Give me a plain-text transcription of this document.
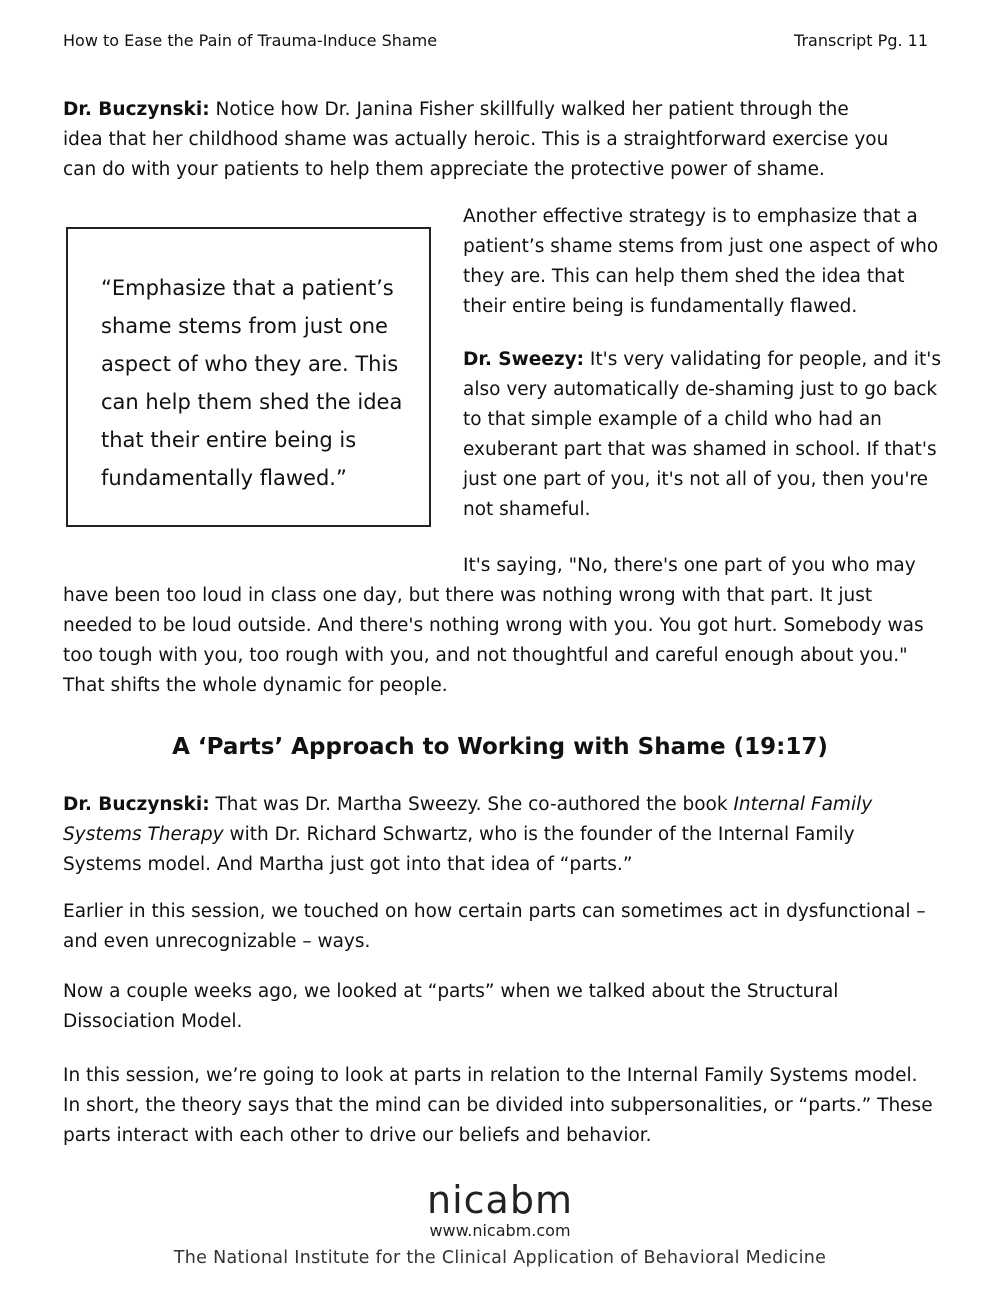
How to Ease the Pain of Trauma-Induce Shame	Transcript Pg. 11

Dr. Buczynski: Notice how Dr. Janina Fisher skillfully walked her patient through the idea that her childhood shame was actually heroic. This is a straightforward exercise you can do with your patients to help them appreciate the protective power of shame.

“Emphasize that a patient’s shame stems from just one aspect of who they are. This can help them shed the idea that their entire being is fundamentally flawed.”

Another effective strategy is to emphasize that a patient’s shame stems from just one aspect of who they are. This can help them shed the idea that their entire being is fundamentally flawed.

Dr. Sweezy: It's very validating for people, and it's also very automatically de-shaming just to go back to that simple example of a child who had an exuberant part that was shamed in school. If that's just one part of you, it's not all of you, then you're not shameful.

It's saying, "No, there's one part of you who may

have been too loud in class one day, but there was nothing wrong with that part. It just needed to be loud outside. And there's nothing wrong with you. You got hurt. Somebody was too tough with you, too rough with you, and not thoughtful and careful enough about you." That shifts the whole dynamic for people.

A ‘Parts’ Approach to Working with Shame (19:17)

Dr. Buczynski: That was Dr. Martha Sweezy. She co-authored the book Internal Family Systems Therapy with Dr. Richard Schwartz, who is the founder of the Internal Family Systems model. And Martha just got into that idea of “parts.”

Earlier in this session, we touched on how certain parts can sometimes act in dysfunctional – and even unrecognizable – ways.

Now a couple weeks ago, we looked at “parts” when we talked about the Structural Dissociation Model.

In this session, we’re going to look at parts in relation to the Internal Family Systems model. In short, the theory says that the mind can be divided into subpersonalities, or “parts.” These parts interact with each other to drive our beliefs and behavior.

nicabm
www.nicabm.com
The National Institute for the Clinical Application of Behavioral Medicine
